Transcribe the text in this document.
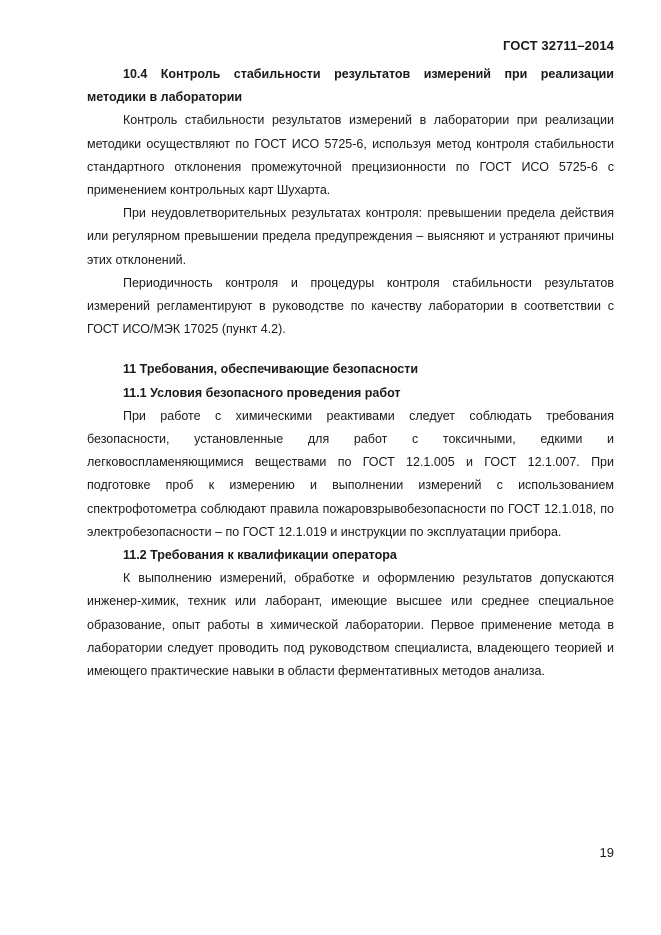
ГОСТ 32711–2014

10.4 Контроль стабильности результатов измерений при реализации методики в лаборатории

Контроль стабильности результатов измерений в лаборатории при реализации методики осуществляют по ГОСТ ИСО 5725-6, используя метод контроля стабильности стандартного отклонения промежуточной прецизионности по ГОСТ ИСО 5725-6 с применением контрольных карт Шухарта.

При неудовлетворительных результатах контроля: превышении предела действия или регулярном превышении предела предупреждения – выясняют и устраняют причины этих отклонений.

Периодичность контроля и процедуры контроля стабильности результатов измерений регламентируют в руководстве по качеству лаборатории в соответствии с ГОСТ ИСО/МЭК 17025 (пункт 4.2).

11 Требования, обеспечивающие безопасности

11.1 Условия безопасного проведения работ

При работе с химическими реактивами следует соблюдать требования безопасности, установленные для работ с токсичными, едкими и легковоспламеняющимися веществами по ГОСТ 12.1.005 и ГОСТ 12.1.007. При подготовке проб к измерению и выполнении измерений с использованием спектрофотометра соблюдают правила пожаровзрывобезопасности по ГОСТ 12.1.018, по электробезопасности – по ГОСТ 12.1.019 и инструкции по эксплуатации прибора.

11.2 Требования к квалификации оператора

К выполнению измерений, обработке и оформлению результатов допускаются инженер-химик, техник или лаборант, имеющие высшее или среднее специальное образование, опыт работы в химической лаборатории. Первое применение метода в лаборатории следует проводить под руководством специалиста, владеющего теорией и имеющего практические навыки в области ферментативных методов анализа.

19
